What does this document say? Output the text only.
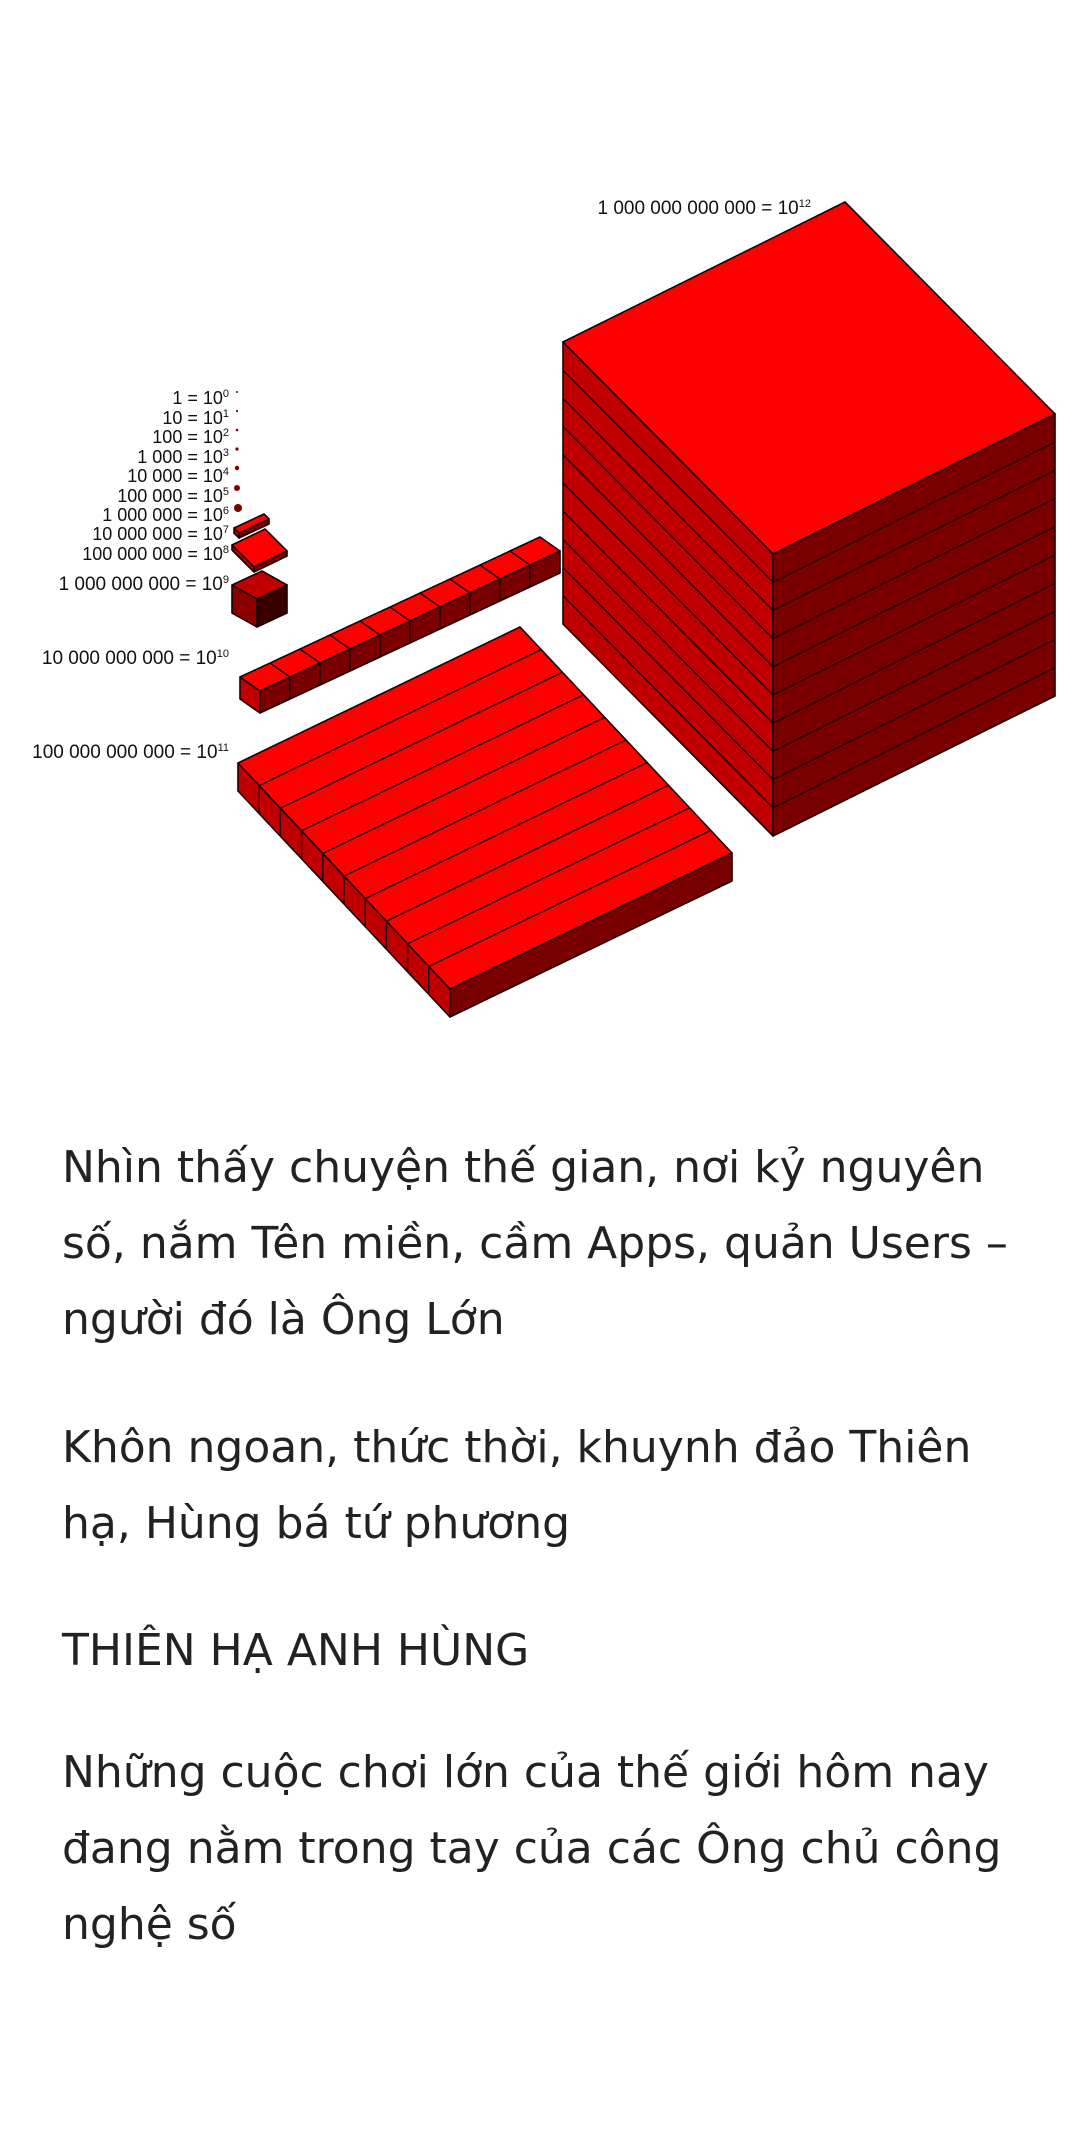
$1 = 10^0$
$10 = 10^1$
$100 = 10^2$
1 $000 = 10^3$
10 $000 = 10^4$
100 $000 = 10^5$
1 000 $000 = 10^6$
10 000 $000 = 10^7$
100 000 $000 = 10^8$
1 000 000 $000 = 10^9$
10 000 000 $000 = 10^{10}$
100 000 000 $000 = 10^{11}$
1 000 000 000 $000 = 10^{12}$

Nhìn thấy chuyện thế gian, nơi kỷ nguyên số, nắm Tên miền, cầm Apps, quản Users – người đó là Ông Lớn

Khôn ngoan, thức thời, khuynh đảo Thiên hạ, Hùng bá tứ phương

THIÊN HẠ ANH HÙNG

Những cuộc chơi lớn của thế giới hôm nay đang nằm trong tay của các Ông chủ công nghệ số
